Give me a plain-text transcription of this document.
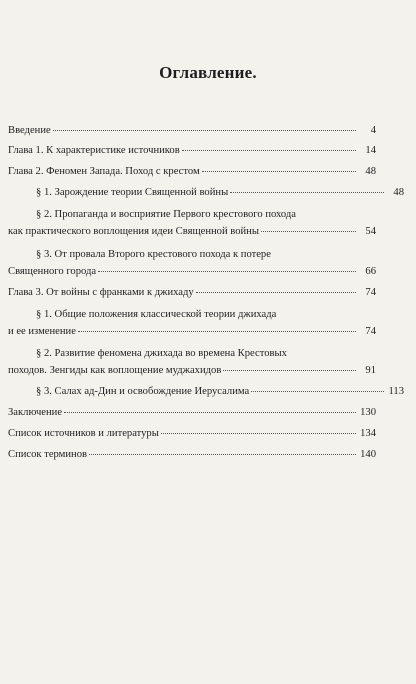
Оглавление.
Введение	4
Глава 1. К характеристике источников	14
Глава 2. Феномен Запада. Поход с крестом	48
§ 1. Зарождение теории Священной войны	48
§ 2. Пропаганда и восприятие Первого крестового похода
как практического воплощения идеи Священной войны	54
§ 3. От провала Второго крестового похода к потере
Священного города	66
Глава 3. От войны с франками к джихаду	74
§ 1. Общие положения классической теории джихада
и ее изменение	74
§ 2. Развитие феномена джихада во времена Крестовых
походов. Зенгиды как воплощение муджахидов	91
§ 3. Салах ад-Дин и освобождение Иерусалима	113
Заключение	130
Список источников и литературы	134
Список терминов	140
